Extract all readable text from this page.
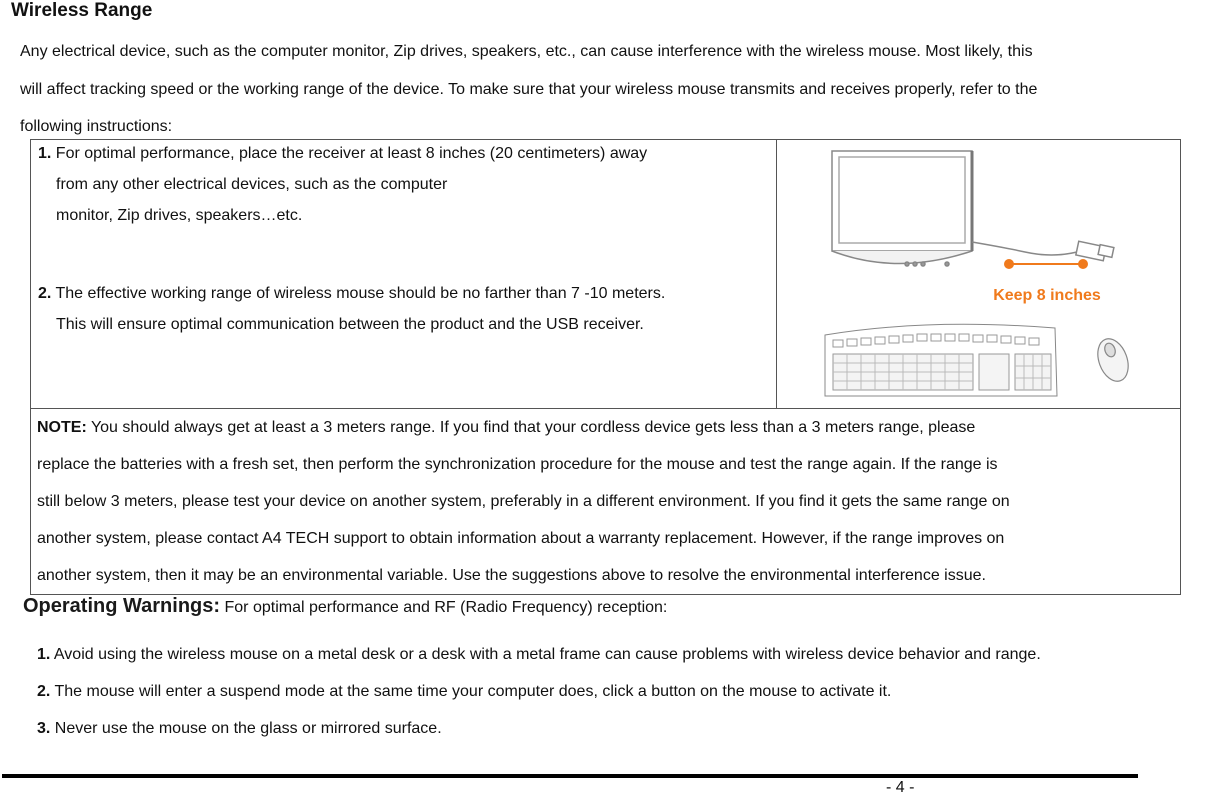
Wireless Range

Any electrical device, such as the computer monitor, Zip drives, speakers, etc., can cause interference with the wireless mouse. Most likely, this

will affect tracking speed or the working range of the device. To make sure that your wireless mouse transmits and receives properly, refer to the

following instructions:

1. For optimal performance, place the receiver at least 8 inches (20 centimeters) away
from any other electrical devices, such as the computer
monitor, Zip drives, speakers…etc.
2. The effective working range of wireless mouse should be no farther than 7 -10 meters.
This will ensure optimal communication between the product and the USB receiver.

Keep 8 inches

NOTE: You should always get at least a 3 meters range. If you find that your cordless device gets less than a 3 meters range, please

replace the batteries with a fresh set, then perform the synchronization procedure for the mouse and test the range again. If the range is

still below 3 meters, please test your device on another system, preferably in a different environment. If you find it gets the same range on

another system, please contact A4 TECH support to obtain information about a warranty replacement. However, if the range improves on

another system, then it may be an environmental variable. Use the suggestions above to resolve the environmental interference issue.

Operating Warnings: For optimal performance and RF (Radio Frequency) reception:

1. Avoid using the wireless mouse on a metal desk or a desk with a metal frame can cause problems with wireless device behavior and range.

2. The mouse will enter a suspend mode at the same time your computer does, click a button on the mouse to activate it.

3. Never use the mouse on the glass or mirrored surface.

- 4 -
